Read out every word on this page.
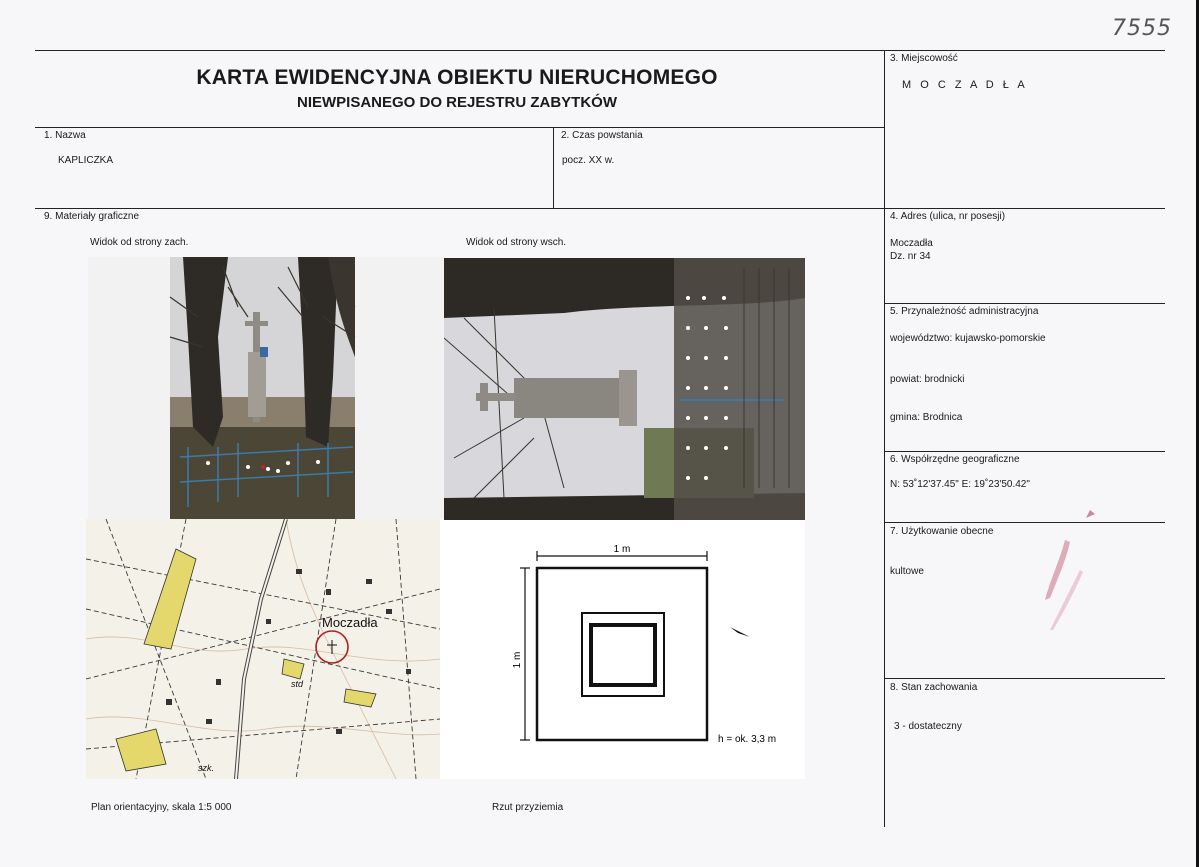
7555
KARTA EWIDENCYJNA OBIEKTU NIERUCHOMEGO
NIEWPISANEGO DO REJESTRU ZABYTKÓW
3. Miejscowość
M O C Z A D Ł A
1. Nazwa
KAPLICZKA
2. Czas powstania
pocz. XX w.
9. Materiały graficzne
Widok od strony zach.	Widok od strony wsch.
4. Adres (ulica, nr posesji)
Moczadła
Dz. nr 34
5. Przynależność administracyjna
województwo: kujawsko-pomorskie
powiat: brodnicki
gmina: Brodnica
6. Współrzędne geograficzne
N: 53˚12'37.45" E: 19˚23'50.42"
7. Użytkowanie obecne
kultowe
8. Stan zachowania
3 - dostateczny
Moczadła
std
szk.
1 m
1 m
h = ok. 3,3 m
Plan orientacyjny, skala 1:5 000	Rzut przyziemia
